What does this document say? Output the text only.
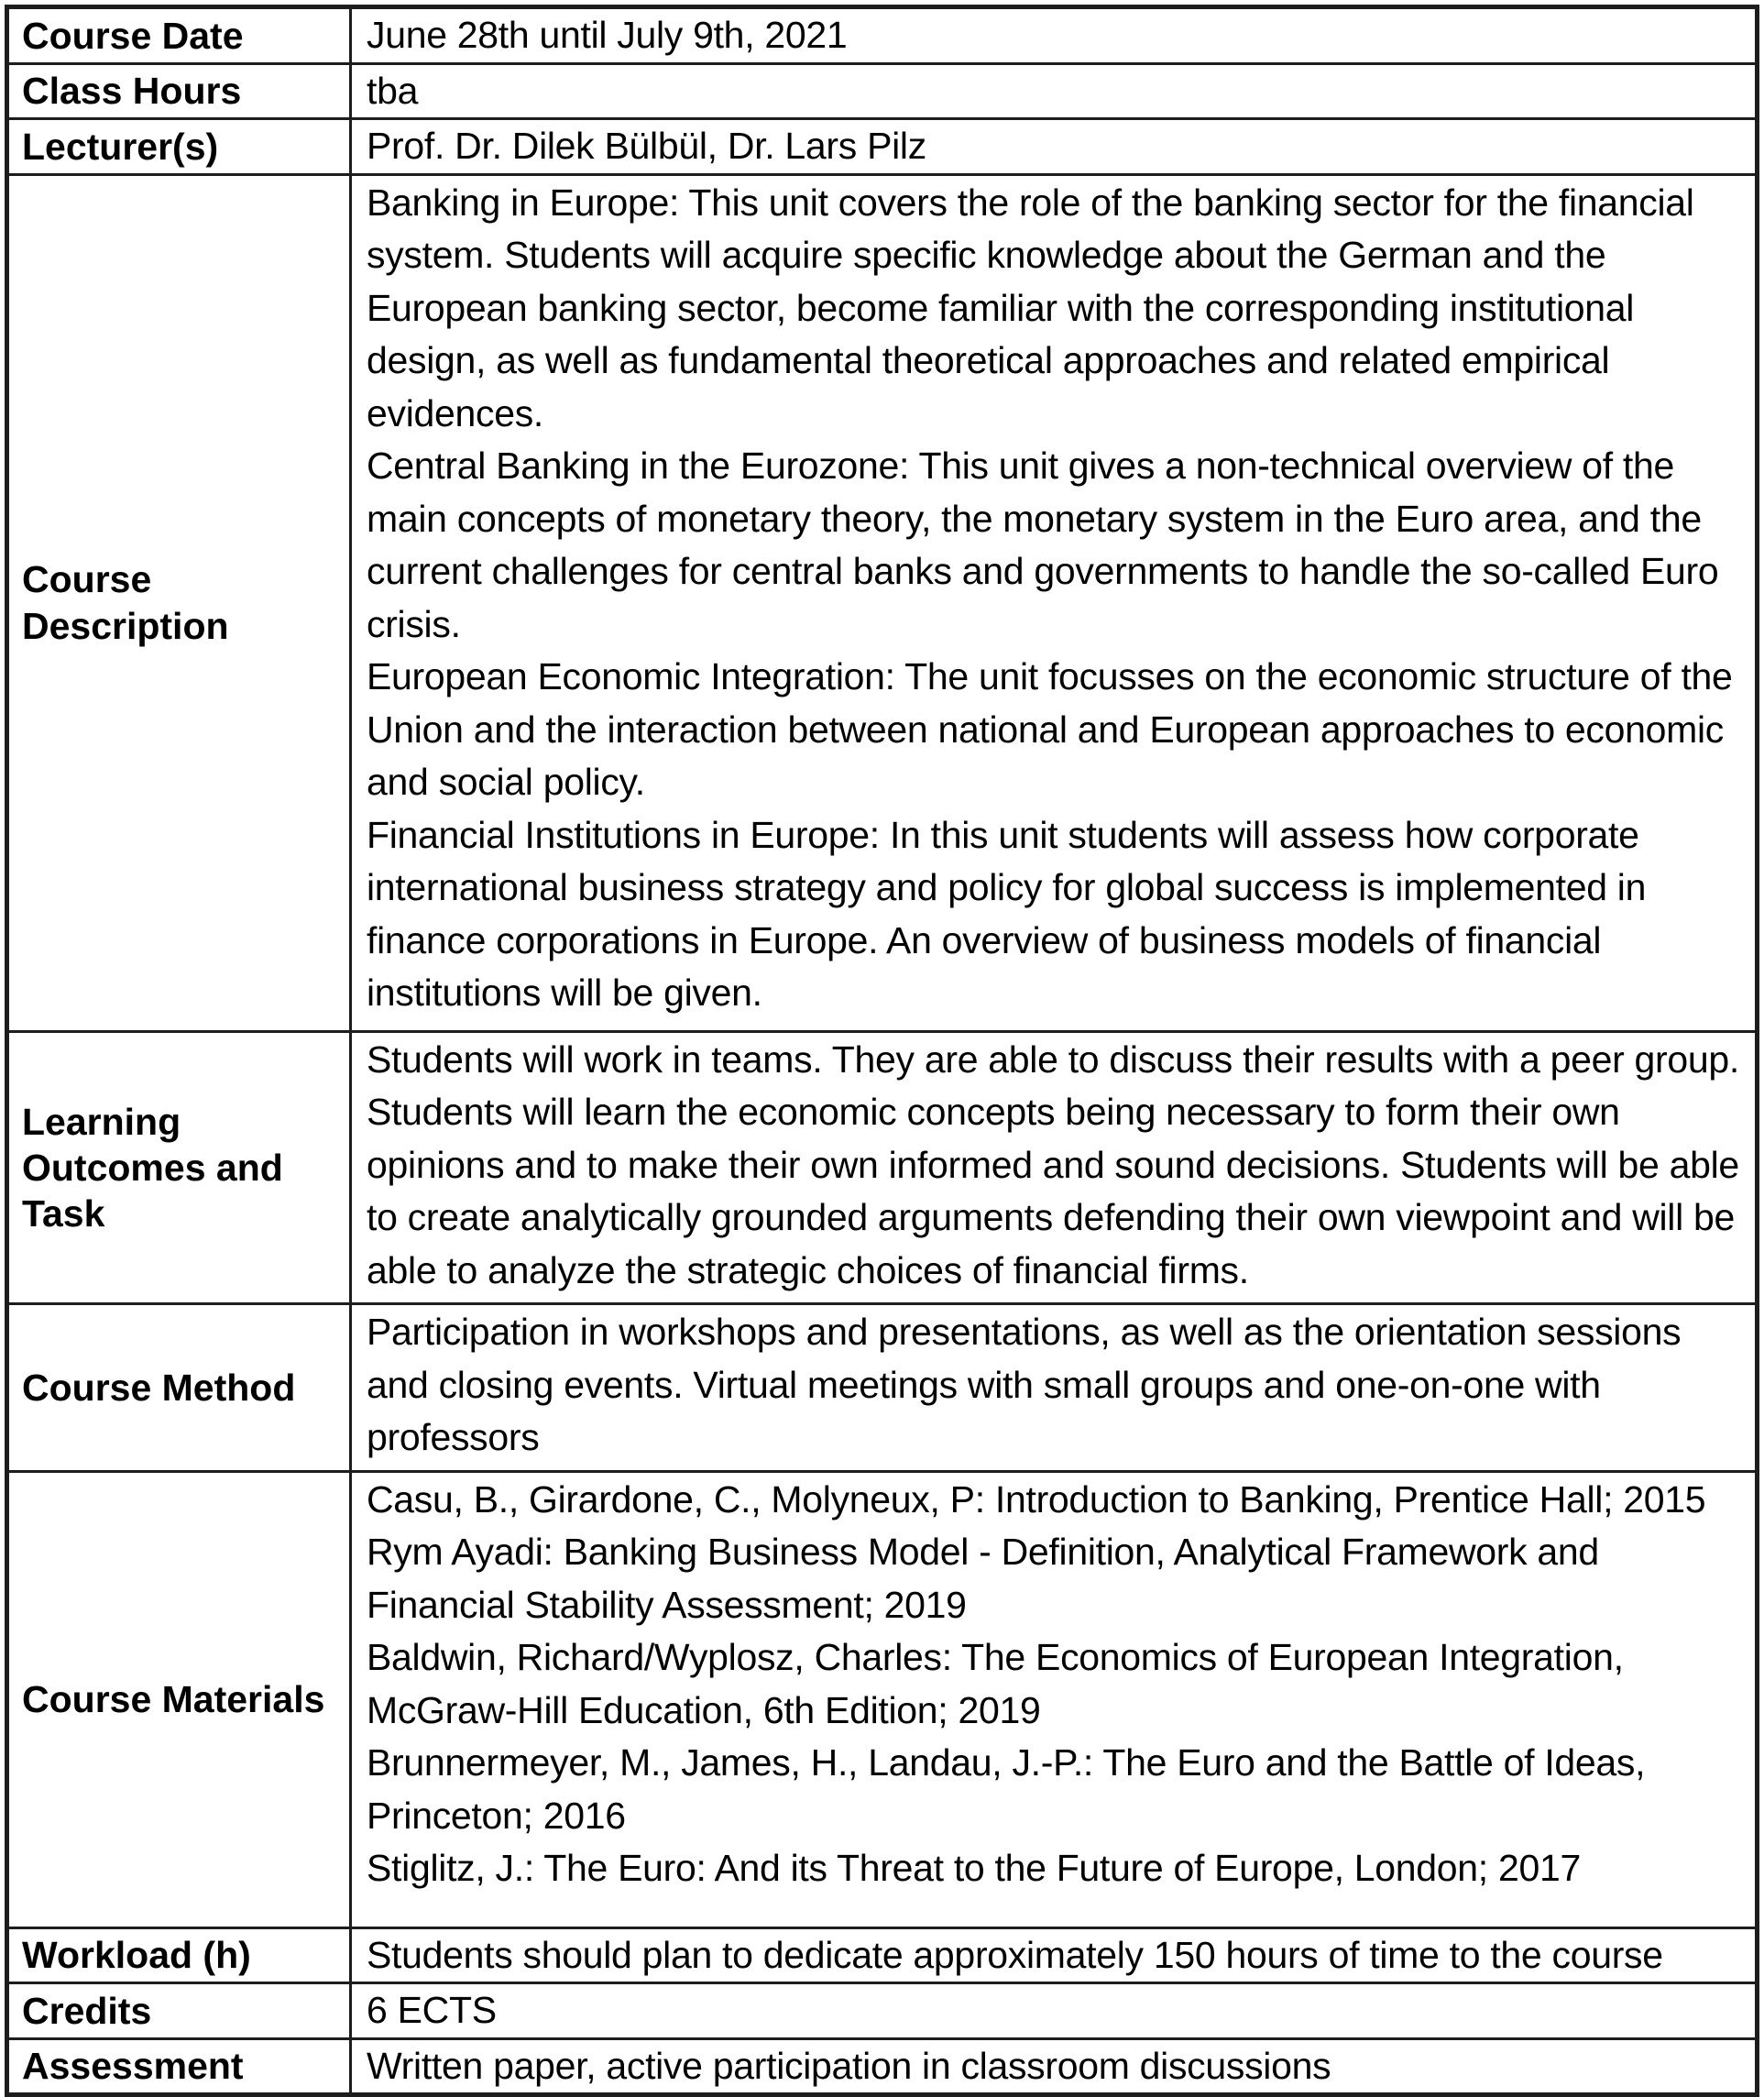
Course Date	June 28th until July 9th, 2021
Class Hours	tba
Lecturer(s)	Prof. Dr. Dilek Bülbül, Dr. Lars Pilz
Course Description	Banking in Europe: This unit covers the role of the banking sector for the financial system. Students will acquire specific knowledge about the German and the European banking sector, become familiar with the corresponding institutional design, as well as fundamental theoretical approaches and related empirical evidences.

Central Banking in the Eurozone: This unit gives a non-technical overview of the main concepts of monetary theory, the monetary system in the Euro area, and the current challenges for central banks and governments to handle the so-called Euro crisis.

European Economic Integration: The unit focusses on the economic structure of the Union and the interaction between national and European approaches to economic and social policy.

Financial Institutions in Europe: In this unit students will assess how corporate international business strategy and policy for global success is implemented in finance corporations in Europe. An overview of business models of financial institutions will be given.

Learning Outcomes and Task	Students will work in teams. They are able to discuss their results with a peer group. Students will learn the economic concepts being necessary to form their own opinions and to make their own informed and sound decisions. Students will be able to create analytically grounded arguments defending their own viewpoint and will be able to analyze the strategic choices of financial firms.

Course Method	Participation in workshops and presentations, as well as the orientation sessions and closing events. Virtual meetings with small groups and one-on-one with professors

Course Materials	Casu, B., Girardone, C., Molyneux, P: Introduction to Banking, Prentice Hall; 2015

Rym Ayadi: Banking Business Model - Definition, Analytical Framework and Financial Stability Assessment; 2019

Baldwin, Richard/Wyplosz, Charles: The Economics of European Integration, McGraw-Hill Education, 6th Edition; 2019

Brunnermeyer, M., James, H., Landau, J.-P.: The Euro and the Battle of Ideas, Princeton; 2016

Stiglitz, J.: The Euro: And its Threat to the Future of Europe, London; 2017

Workload (h)	Students should plan to dedicate approximately 150 hours of time to the course
Credits	6 ECTS
Assessment	Written paper, active participation in classroom discussions
